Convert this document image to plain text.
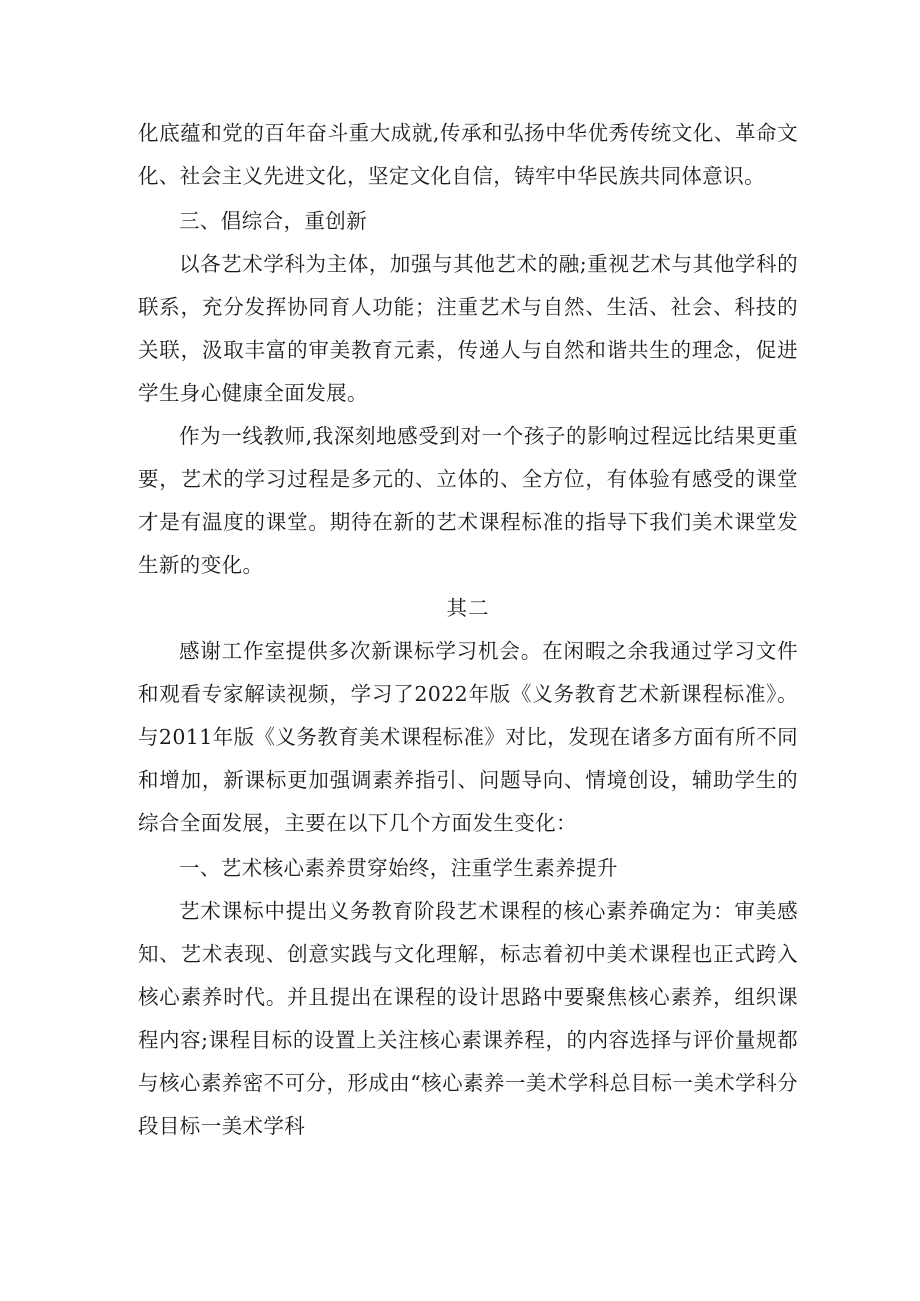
化底蕴和党的百年奋斗重大成就,传承和弘扬中华优秀传统文化、革命文化、社会主义先进文化，坚定文化自信，铸牢中华民族共同体意识。

三、倡综合，重创新

以各艺术学科为主体，加强与其他艺术的融;重视艺术与其他学科的联系，充分发挥协同育人功能；注重艺术与自然、生活、社会、科技的关联，汲取丰富的审美教育元素，传递人与自然和谐共生的理念，促进学生身心健康全面发展。

作为一线教师,我深刻地感受到对一个孩子的影响过程远比结果更重要，艺术的学习过程是多元的、立体的、全方位，有体验有感受的课堂才是有温度的课堂。期待在新的艺术课程标准的指导下我们美术课堂发生新的变化。

其二

感谢工作室提供多次新课标学习机会。在闲暇之余我通过学习文件和观看专家解读视频，学习了2022年版《义务教育艺术新课程标准》。与2011年版《义务教育美术课程标准》对比，发现在诸多方面有所不同和增加，新课标更加强调素养指引、问题导向、情境创设，辅助学生的综合全面发展，主要在以下几个方面发生变化：

一、艺术核心素养贯穿始终，注重学生素养提升

艺术课标中提出义务教育阶段艺术课程的核心素养确定为：审美感知、艺术表现、创意实践与文化理解，标志着初中美术课程也正式跨入核心素养时代。并且提出在课程的设计思路中要聚焦核心素养，组织课程内容;课程目标的设置上关注核心素课养程，的内容选择与评价量规都与核心素养密不可分，形成由“核心素养一美术学科总目标一美术学科分段目标一美术学科
